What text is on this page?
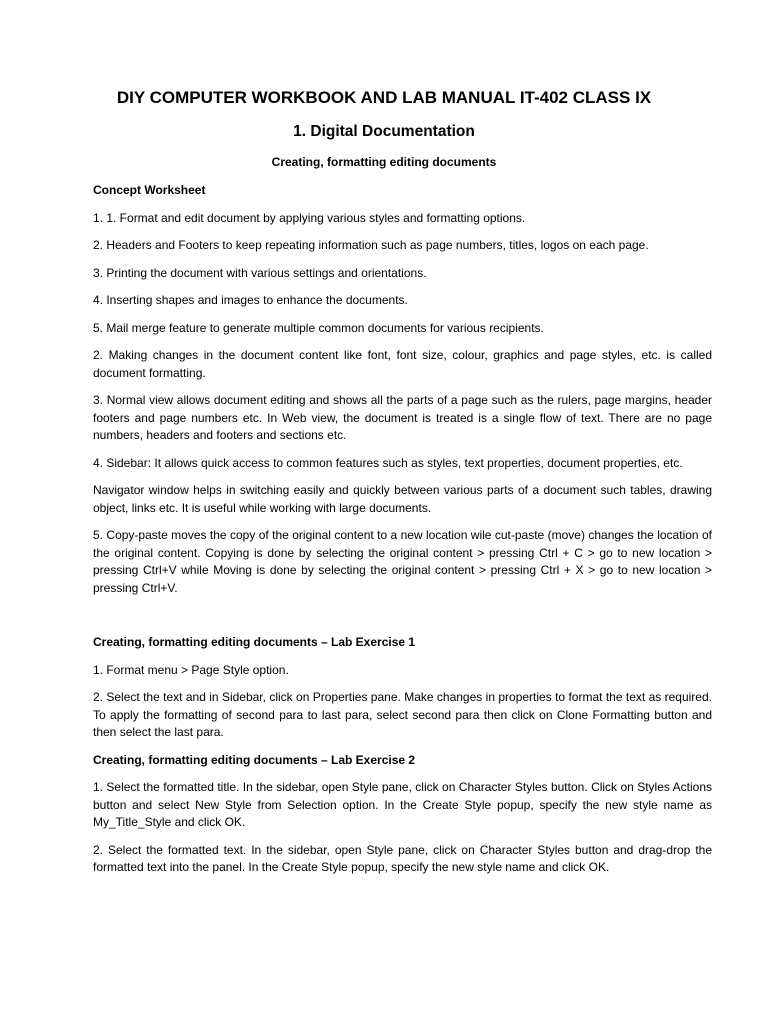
DIY COMPUTER WORKBOOK AND LAB MANUAL IT-402 CLASS IX
1. Digital Documentation
Creating, formatting editing documents

Concept Worksheet

1. 1. Format and edit document by applying various styles and formatting options.

2. Headers and Footers to keep repeating information such as page numbers, titles, logos on each page.

3. Printing the document with various settings and orientations.

4. Inserting shapes and images to enhance the documents.

5. Mail merge feature to generate multiple common documents for various recipients.

2. Making changes in the document content like font, font size, colour, graphics and page styles, etc. is called document formatting.

3. Normal view allows document editing and shows all the parts of a page such as the rulers, page margins, header footers and page numbers etc. In Web view, the document is treated is a single flow of text. There are no page numbers, headers and footers and sections etc.

4. Sidebar: It allows quick access to common features such as styles, text properties, document properties, etc.

Navigator window helps in switching easily and quickly between various parts of a document such tables, drawing object, links etc. It is useful while working with large documents.

5. Copy-paste moves the copy of the original content to a new location wile cut-paste (move) changes the location of the original content. Copying is done by selecting the original content > pressing Ctrl + C > go to new location > pressing Ctrl+V while Moving is done by selecting the original content > pressing Ctrl + X > go to new location > pressing Ctrl+V.

Creating, formatting editing documents – Lab Exercise 1

1. Format menu > Page Style option.

2. Select the text and in Sidebar, click on Properties pane. Make changes in properties to format the text as required. To apply the formatting of second para to last para, select second para then click on Clone Formatting button and then select the last para.

Creating, formatting editing documents – Lab Exercise 2

1. Select the formatted title. In the sidebar, open Style pane, click on Character Styles button. Click on Styles Actions button and select New Style from Selection option. In the Create Style popup, specify the new style name as My_Title_Style and click OK.

2. Select the formatted text. In the sidebar, open Style pane, click on Character Styles button and drag-drop the formatted text into the panel. In the Create Style popup, specify the new style name and click OK.
